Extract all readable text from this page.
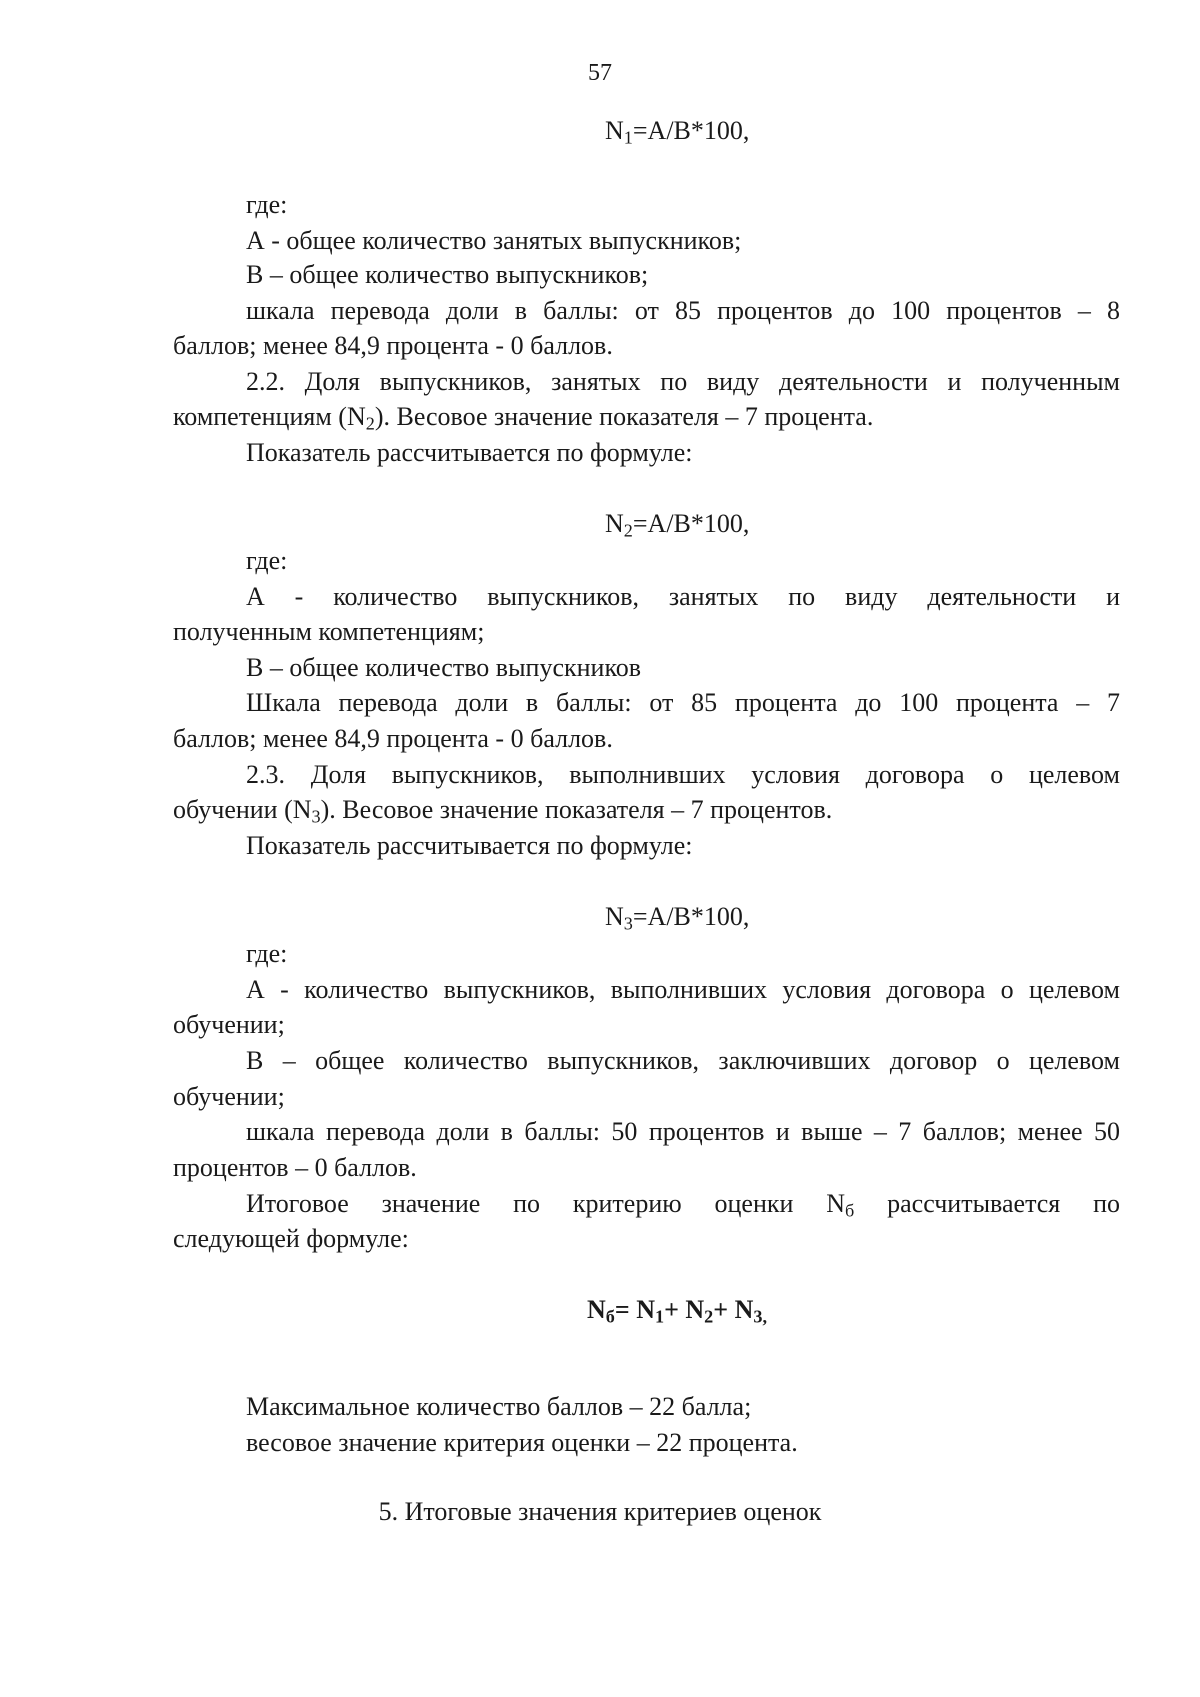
57
$N_1=A/B*100$,
где:
А - общее количество занятых выпускников;
В – общее количество выпускников;
шкала перевода доли в баллы: от 85 процентов до 100 процентов – 8
баллов; менее 84,9 процента - 0 баллов.
2.2. Доля выпускников, занятых по виду деятельности и полученным
компетенциям $(N_2)$. Весовое значение показателя – 7 процента.
Показатель рассчитывается по формуле:
$N_2=A/B*100$,
где:
А - количество выпускников, занятых по виду деятельности и
полученным компетенциям;
В – общее количество выпускников
Шкала перевода доли в баллы: от 85 процента до 100 процента – 7
баллов; менее 84,9 процента - 0 баллов.
2.3. Доля выпускников, выполнивших условия договора о целевом
обучении $(N_3)$. Весовое значение показателя – 7 процентов.
Показатель рассчитывается по формуле:
$N_3=A/B*100$,
где:
А - количество выпускников, выполнивших условия договора о целевом
обучении;
В – общее количество выпускников, заключивших договор о целевом
обучении;
шкала перевода доли в баллы: 50 процентов и выше – 7 баллов; менее 50
процентов – 0 баллов.
Итоговое значение по критерию оценки $N_б$ рассчитывается по
следующей формуле:
$N_б= N_1+ N_2+ N_{3,}$
Максимальное количество баллов – 22 балла;
весовое значение критерия оценки – 22 процента.
5. Итоговые значения критериев оценок
